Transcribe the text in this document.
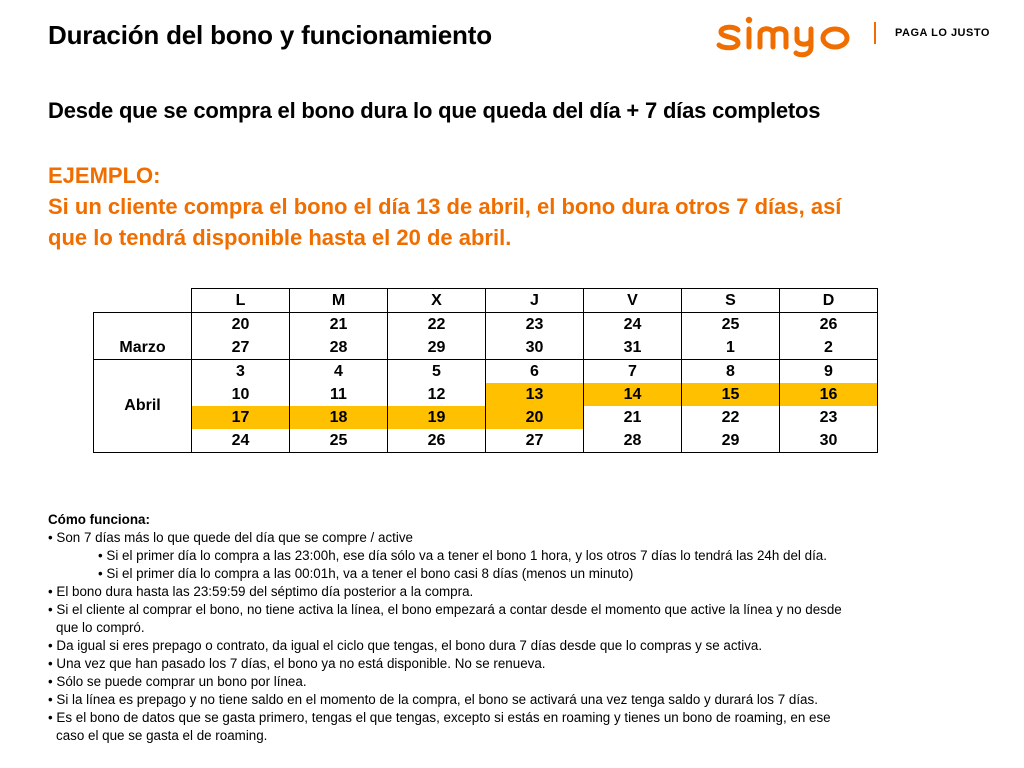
Duración del bono y funcionamiento	PAGA LO JUSTO
Desde que se compra el bono dura lo que queda del día + 7 días completos
EJEMPLO:
Si un cliente compra el bono el día 13 de abril, el bono dura otros 7 días, así
que lo tendrá disponible hasta el 20 de abril.
	L	M	X	J	V	S	D
Marzo	20	21	22	23	24	25	26
	27	28	29	30	31	1	2
Abril	3	4	5	6	7	8	9
	10	11	12	13	14	15	16
	17	18	19	20	21	22	23
	24	25	26	27	28	29	30
Cómo funciona:
• Son 7 días más lo que quede del día que se compre / active
• Si el primer día lo compra a las 23:00h, ese día sólo va a tener el bono 1 hora, y los otros 7 días lo tendrá las 24h del día.
• Si el primer día lo compra a las 00:01h, va a tener el bono casi 8 días (menos un minuto)
• El bono dura hasta las 23:59:59 del séptimo día posterior a la compra.
• Si el cliente al comprar el bono, no tiene activa la línea, el bono empezará a contar desde el momento que active la línea y no desde
que lo compró.
• Da igual si eres prepago o contrato, da igual el ciclo que tengas, el bono dura 7 días desde que lo compras y se activa.
• Una vez que han pasado los 7 días, el bono ya no está disponible. No se renueva.
• Sólo se puede comprar un bono por línea.
• Si la línea es prepago y no tiene saldo en el momento de la compra, el bono se activará una vez tenga saldo y durará los 7 días.
• Es el bono de datos que se gasta primero, tengas el que tengas, excepto si estás en roaming y tienes un bono de roaming, en ese
caso el que se gasta el de roaming.
